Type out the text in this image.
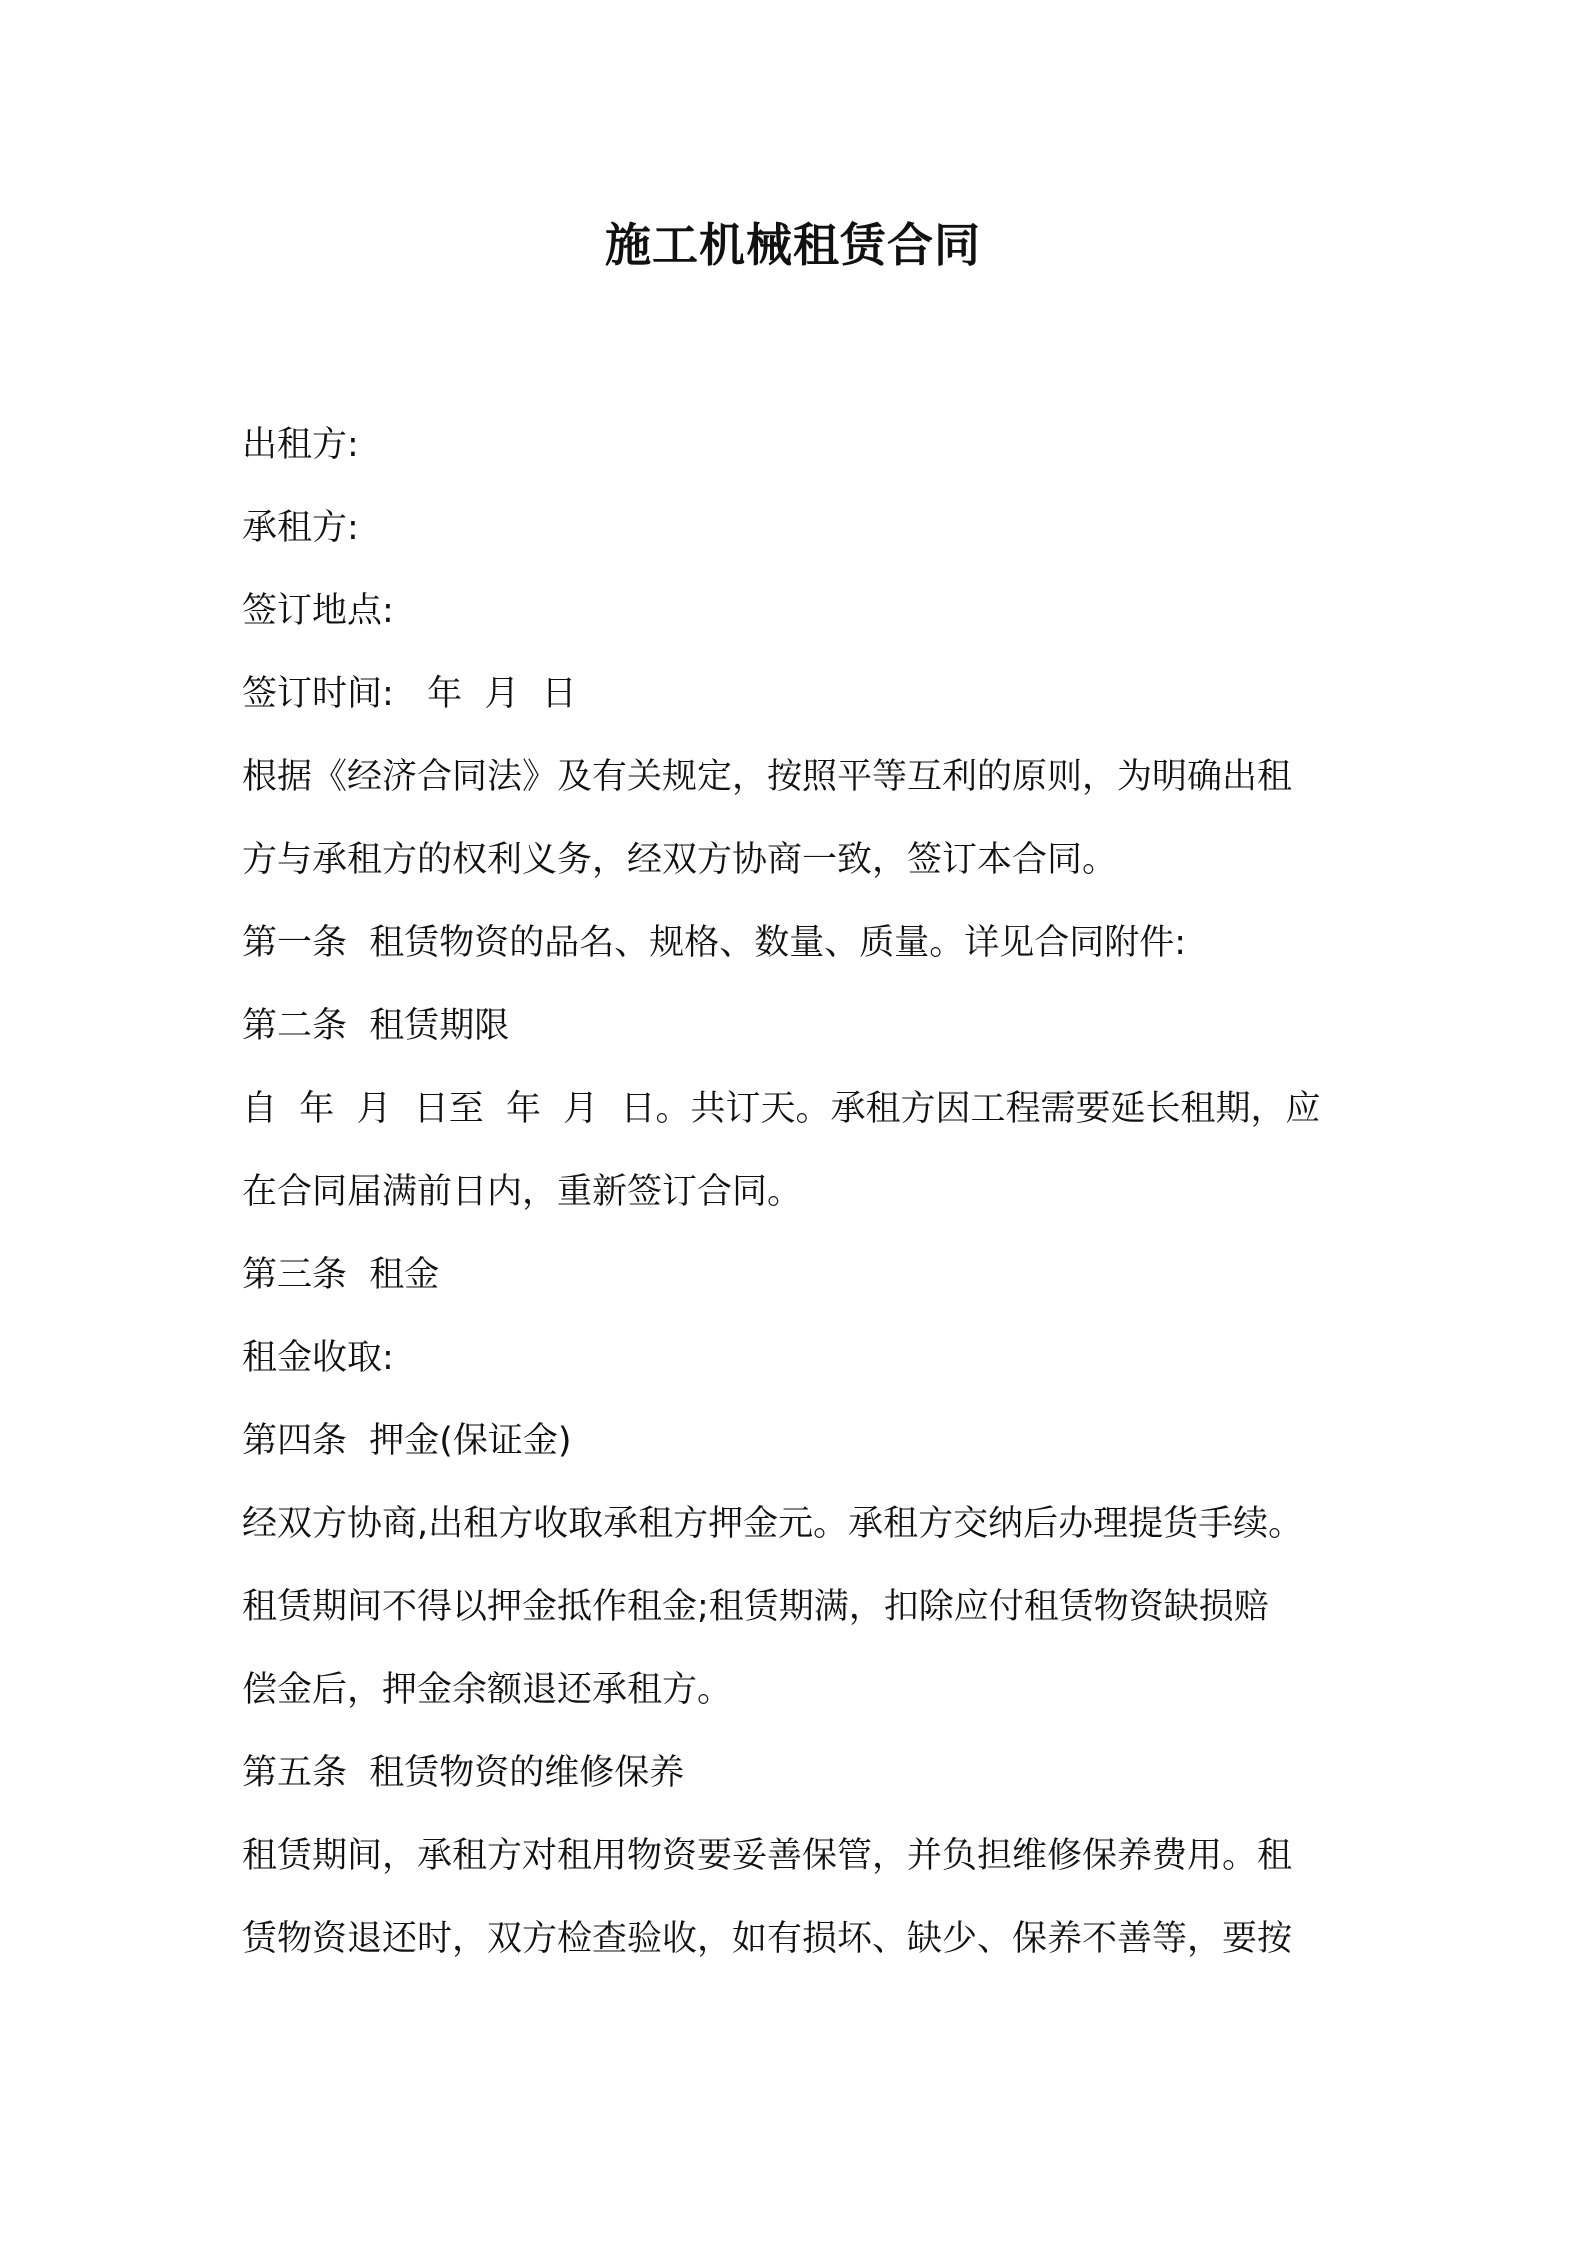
施工机械租赁合同
出租方:
承租方:
签订地点:
签订时间:   年  月  日
根据《经济合同法》及有关规定，按照平等互利的原则，为明确出租
方与承租方的权利义务，经双方协商一致，签订本合同。
第一条  租赁物资的品名、规格、数量、质量。详见合同附件:
第二条  租赁期限
自  年  月  日至  年  月  日。共订天。承租方因工程需要延长租期，应
在合同届满前日内，重新签订合同。
第三条  租金
租金收取:
第四条  押金(保证金)
经双方协商,出租方收取承租方押金元。承租方交纳后办理提货手续。
租赁期间不得以押金抵作租金;租赁期满，扣除应付租赁物资缺损赔
偿金后，押金余额退还承租方。
第五条  租赁物资的维修保养
租赁期间，承租方对租用物资要妥善保管，并负担维修保养费用。租
赁物资退还时，双方检查验收，如有损坏、缺少、保养不善等，要按
